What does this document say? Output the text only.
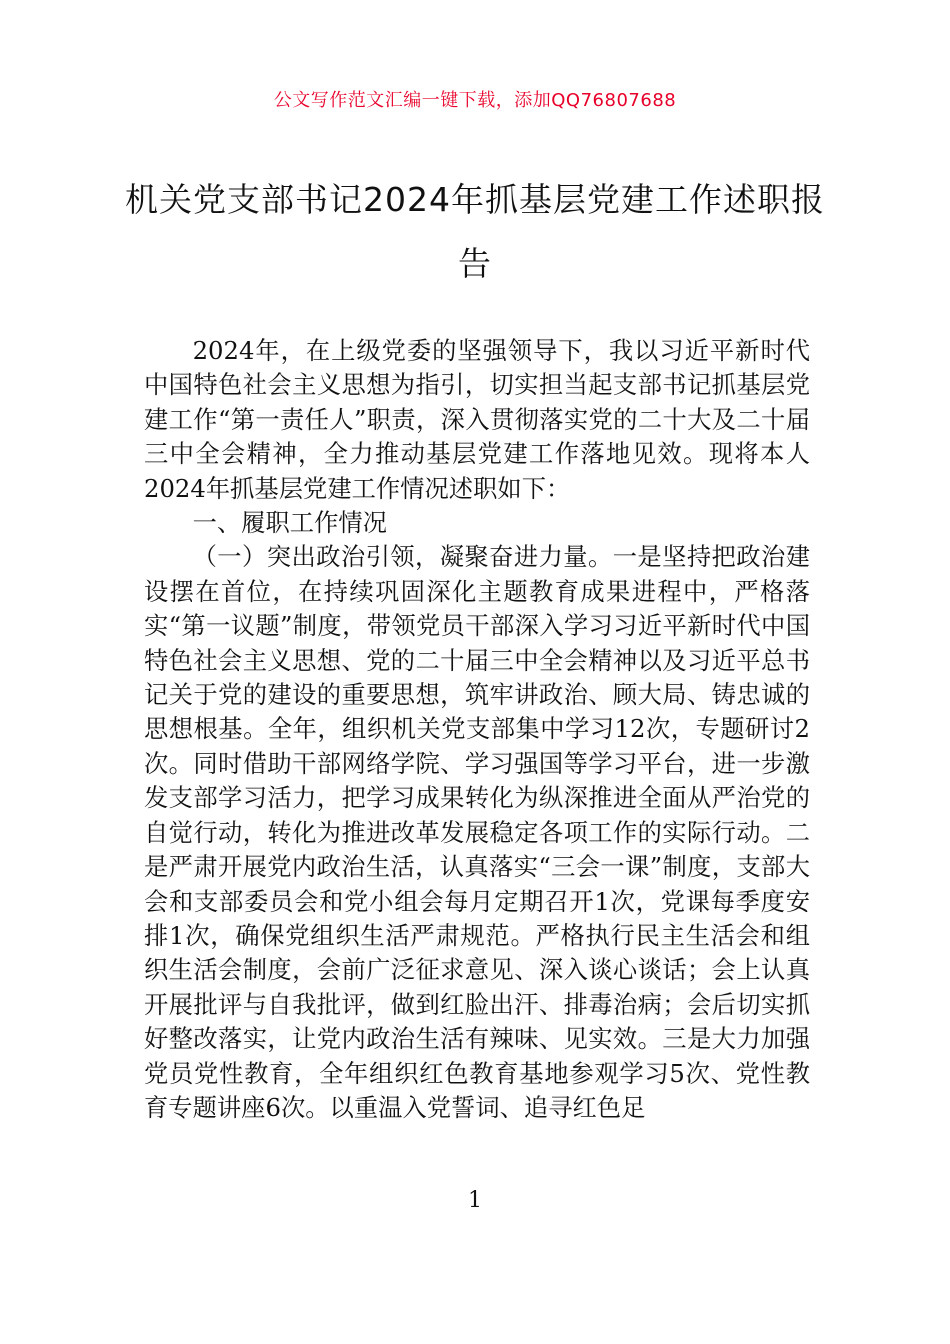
公文写作范文汇编一键下载，添加QQ76807688
机关党支部书记2024年抓基层党建工作述职报告

2024年，在上级党委的坚强领导下，我以习近平新时代中国特色社会主义思想为指引，切实担当起支部书记抓基层党建工作“第一责任人”职责，深入贯彻落实党的二十大及二十届三中全会精神，全力推动基层党建工作落地见效。现将本人2024年抓基层党建工作情况述职如下：

一、履职工作情况

（一）突出政治引领，凝聚奋进力量。一是坚持把政治建设摆在首位，在持续巩固深化主题教育成果进程中，严格落实“第一议题”制度，带领党员干部深入学习习近平新时代中国特色社会主义思想、党的二十届三中全会精神以及习近平总书记关于党的建设的重要思想，筑牢讲政治、顾大局、铸忠诚的思想根基。全年，组织机关党支部集中学习12次，专题研讨2次。同时借助干部网络学院、学习强国等学习平台，进一步激发支部学习活力，把学习成果转化为纵深推进全面从严治党的自觉行动，转化为推进改革发展稳定各项工作的实际行动。二是严肃开展党内政治生活，认真落实“三会一课”制度，支部大会和支部委员会和党小组会每月定期召开1次，党课每季度安排1次，确保党组织生活严肃规范。严格执行民主生活会和组织生活会制度，会前广泛征求意见、深入谈心谈话；会上认真开展批评与自我批评，做到红脸出汗、排毒治病；会后切实抓好整改落实，让党内政治生活有辣味、见实效。三是大力加强党员党性教育，全年组织红色教育基地参观学习5次、党性教育专题讲座6次。以重温入党誓词、追寻红色足

1
